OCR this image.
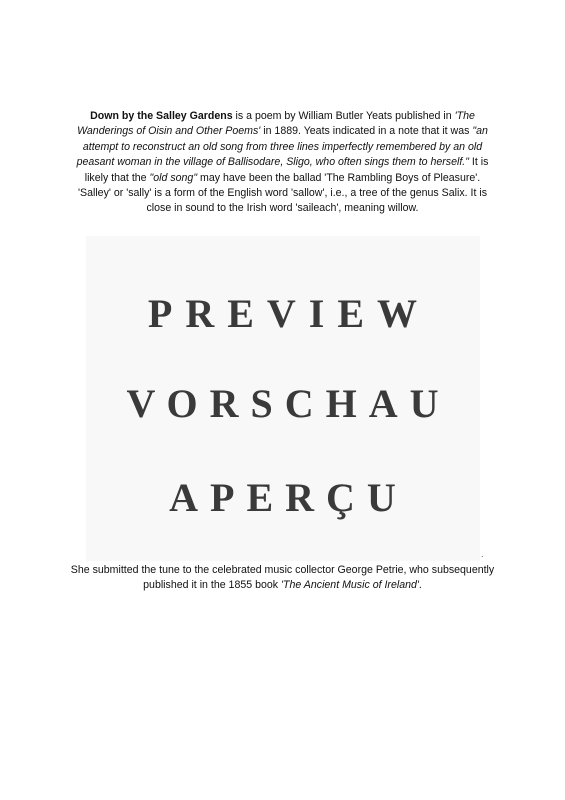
Down by the Salley Gardens is a poem by William Butler Yeats published in 'The Wanderings of Oisin and Other Poems' in 1889. Yeats indicated in a note that it was "an attempt to reconstruct an old song from three lines imperfectly remembered by an old peasant woman in the village of Ballisodare, Sligo, who often sings them to herself." It is likely that the "old song" may have been the ballad 'The Rambling Boys of Pleasure'. 'Salley' or 'sally' is a form of the English word 'sallow', i.e., a tree of the genus Salix. It is close in sound to the Irish word 'saileach', meaning willow.

PREVIEW
VORSCHAU
APERÇU
.

She submitted the tune to the celebrated music collector George Petrie, who subsequently published it in the 1855 book 'The Ancient Music of Ireland'.
